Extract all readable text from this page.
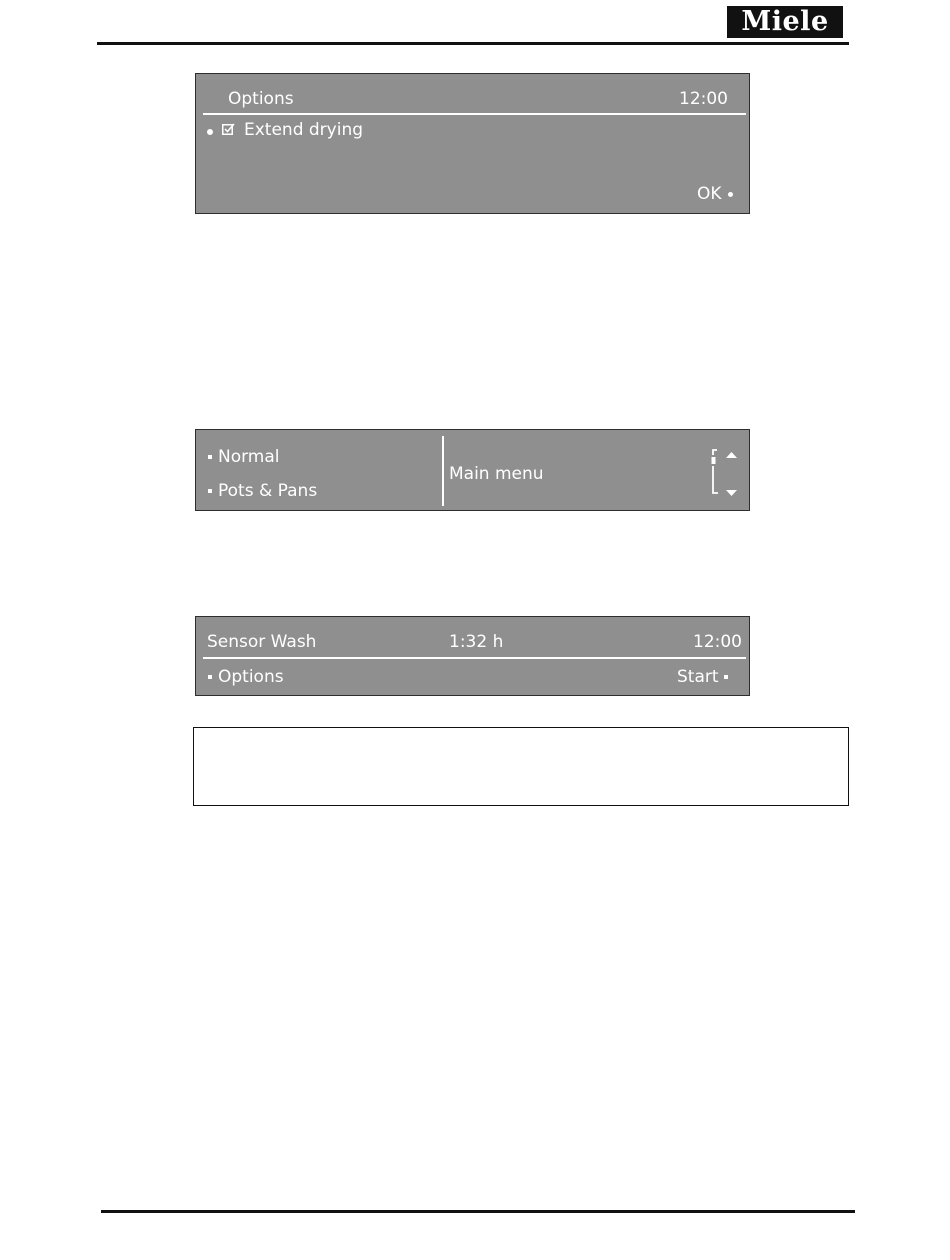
Miele
Options	12:00
Extend drying
OK
Normal
Pots & Pans
Main menu
Sensor Wash	1:32 h	12:00
Options	Start
